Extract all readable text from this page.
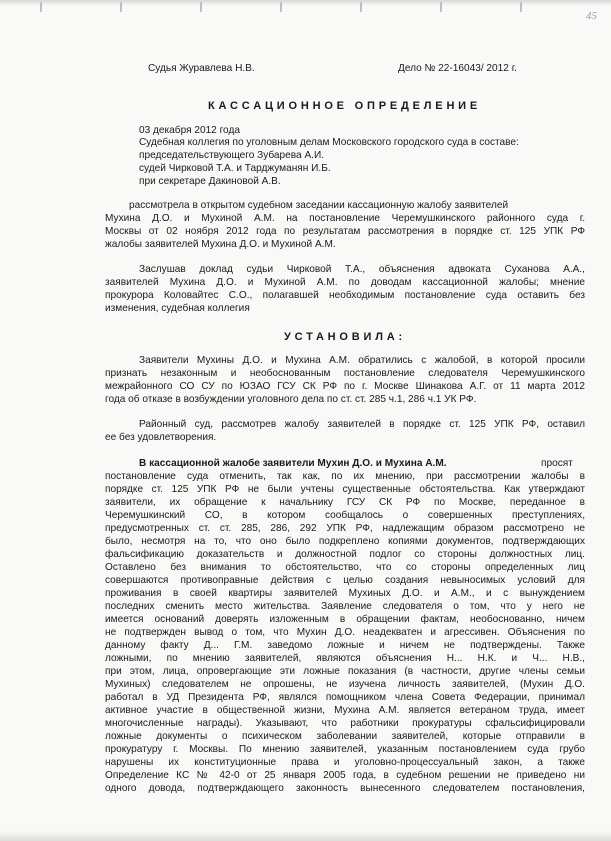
45
Судья Журавлева Н.В.	Дело № 22-16043/ 2012 г.
КАССАЦИОННОЕ ОПРЕДЕЛЕНИЕ
03 декабря 2012 года
Судебная коллегия по уголовным делам Московского городского суда в составе:
председательствующего Зубарева А.И.
судей Чирковой Т.А. и Тарджуманян И.Б.
при секретаре Дакиновой А.В.
рассмотрела в открытом судебном заседании кассационную жалобу заявителей
Мухина Д.О. и Мухиной А.М. на постановление Черемушкинского районного суда г.
Москвы от 02 ноября 2012 года по результатам рассмотрения в порядке ст. 125 УПК РФ
жалобы заявителей Мухина Д.О. и Мухиной А.М.
Заслушав доклад судьи Чирковой Т.А., объяснения адвоката Суханова А.А.,
заявителей Мухина Д.О. и Мухиной А.М. по доводам кассационной жалобы; мнение
прокурора Коловайтес С.О., полагавшей необходимым постановление суда оставить без
изменения, судебная коллегия
УСТАНОВИЛА:
Заявители Мухины Д.О. и Мухина А.М. обратились с жалобой, в которой просили
признать незаконным и необоснованным постановление следователя Черемушкинского
межрайонного СО СУ по ЮЗАО ГСУ СК РФ по г. Москве Шинакова А.Г. от 11 марта 2012
года об отказе в возбуждении уголовного дела по ст. ст. 285 ч.1, 286 ч.1 УК РФ.
Районный суд, рассмотрев жалобу заявителей в порядке ст. 125 УПК РФ, оставил
ее без удовлетворения.
В кассационной жалобе заявители Мухин Д.О. и Мухина А.М.	просят
постановление суда отменить, так как, по их мнению, при рассмотрении жалобы в
порядке ст. 125 УПК РФ не были учтены существенные обстоятельства. Как утверждают
заявители, их обращение к начальнику ГСУ СК РФ по Москве, переданное в
Черемушкинский СО, в котором сообщалось о совершенных преступлениях,
предусмотренных ст. ст. 285, 286, 292 УПК РФ, надлежащим образом рассмотрено не
было, несмотря на то, что оно было подкреплено копиями документов, подтверждающих
фальсификацию доказательств и должностной подлог со стороны должностных лиц.
Оставлено без внимания то обстоятельство, что со стороны определенных лиц
совершаются противоправные действия с целью создания невыносимых условий для
проживания в своей квартиры заявителей Мухиных Д.О. и А.М., и с вынуждением
последних сменить место жительства. Заявление следователя о том, что у него не
имеется оснований доверять изложенным в обращении фактам, необоснованно, ничем
не подтвержден вывод о том, что Мухин Д.О. неадекватен и агрессивен. Объяснения по
данному факту Д... Г.М. заведомо ложные и ничем не подтверждены. Также
ложными, по мнению заявителей, являются объяснения Н... Н.К. и Ч... Н.В.,
при этом, лица, опровергающие эти ложные показания (в частности, другие члены семьи
Мухиных) следователем не опрошены, не изучена личность заявителей, (Мухин Д.О.
работал в УД Президента РФ, являлся помощником члена Совета Федерации, принимал
активное участие в общественной жизни, Мухина А.М. является ветераном труда, имеет
многочисленные награды). Указывают, что работники прокуратуры сфальсифицировали
ложные документы о психическом заболевании заявителей, которые отправили в
прокуратуру г. Москвы. По мнению заявителей, указанным постановлением суда грубо
нарушены их конституционные права и уголовно-процессуальный закон, а также
Определение КС № 42-0 от 25 января 2005 года, в судебном решении не приведено ни
одного довода, подтверждающего законность вынесенного следователем постановления,
